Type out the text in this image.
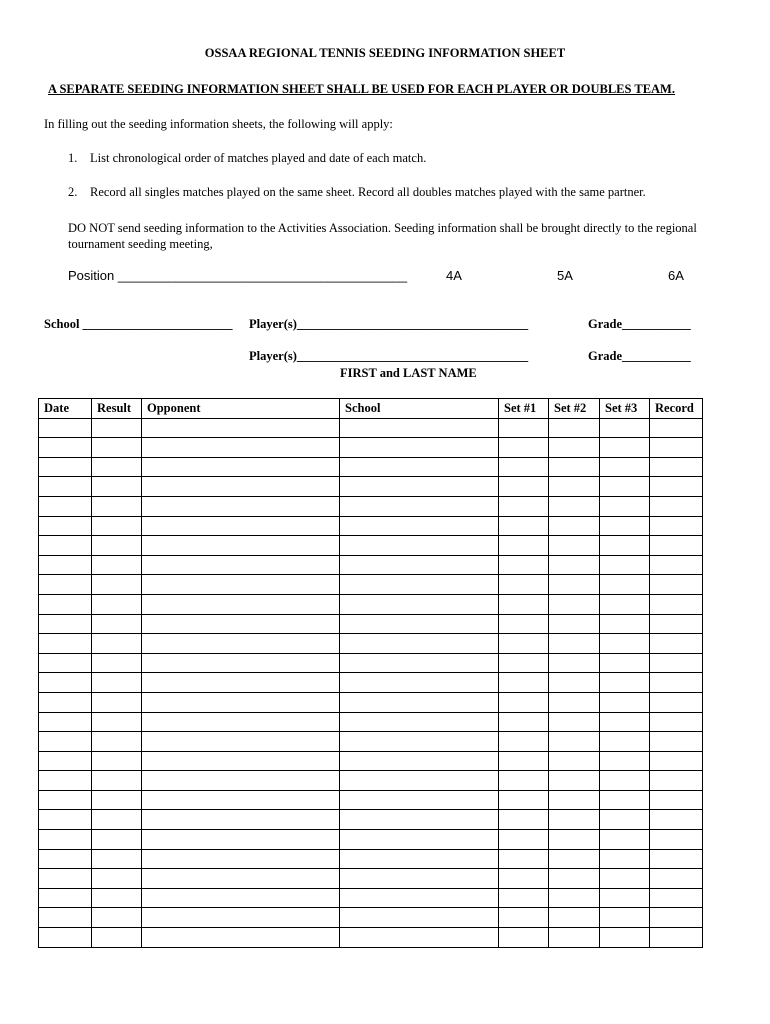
OSSAA REGIONAL TENNIS SEEDING INFORMATION SHEET
A SEPARATE SEEDING INFORMATION SHEET SHALL BE USED FOR EACH PLAYER OR DOUBLES TEAM.
In filling out the seeding information sheets, the following will apply:
1. List chronological order of matches played and date of each match.
2. Record all singles matches played on the same sheet. Record all doubles matches played with the same partner.
DO NOT send seeding information to the Activities Association. Seeding information shall be brought directly to the regional tournament seeding meeting,
Position ________________________________________	4A	5A	6A
School ________________________ Player(s)_____________________________________	Grade___________
Player(s)_____________________________________	Grade___________
FIRST and LAST NAME
Date	Result	Opponent	School	Set #1	Set #2	Set #3	Record
